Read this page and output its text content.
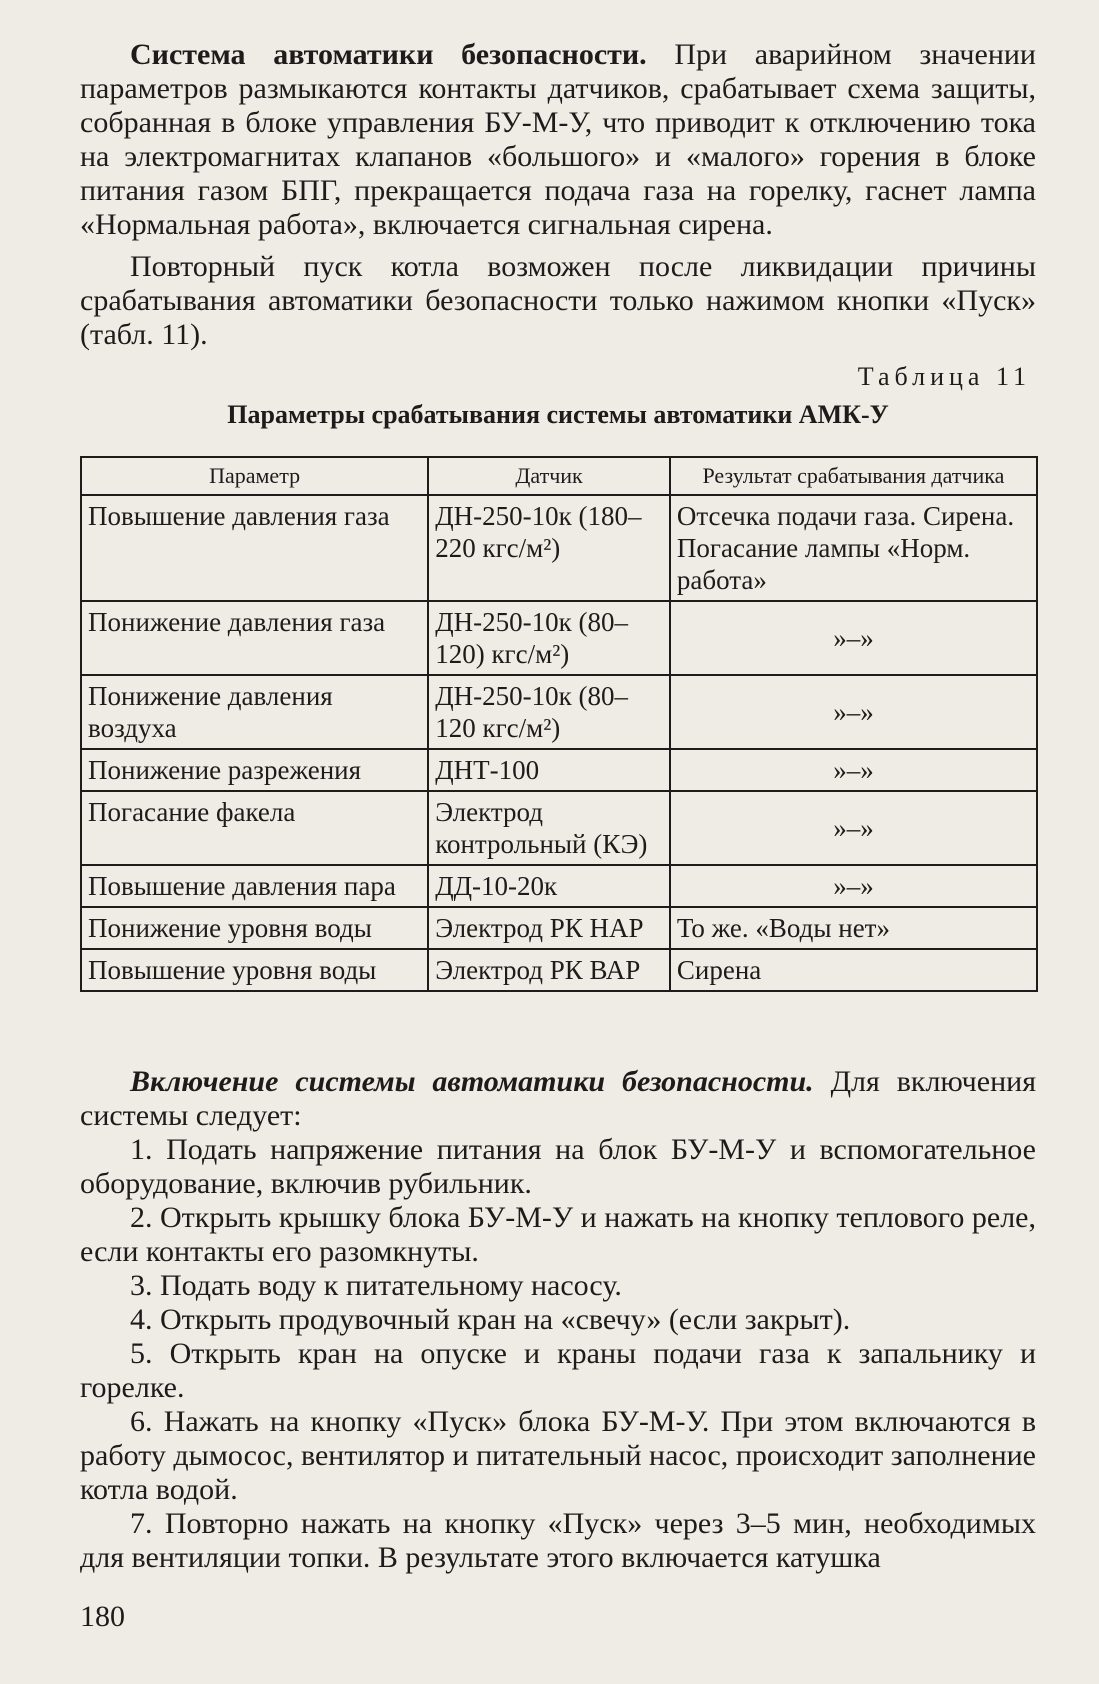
Система автоматики безопасности. При аварийном значении параметров размыкаются контакты датчиков, срабатывает схема защиты, собранная в блоке управления БУ-М-У, что приводит к отключению тока на электромагнитах клапанов «большого» и «малого» горения в блоке питания газом БПГ, прекращается подача газа на горелку, гаснет лампа «Нормальная работа», включается сигнальная сирена.

Повторный пуск котла возможен после ликвидации причины срабатывания автоматики безопасности только нажимом кнопки «Пуск» (табл. 11).

Таблица 11
Параметры срабатывания системы автоматики АМК-У
Параметр	Датчик	Результат срабатывания датчика
Повышение давления газа	ДН-250-10к (180–220 кгс/м²)	Отсечка подачи газа. Сирена. Погасание лампы «Норм. работа»
Понижение давления газа	ДН-250-10к (80–120) кгс/м²)	»–»
Понижение давления воздуха	ДН-250-10к (80–120 кгс/м²)	»–»
Понижение разрежения	ДНТ-100	»–»
Погасание факела	Электрод контрольный (КЭ)	»–»
Повышение давления пара	ДД-10-20к	»–»
Понижение уровня воды	Электрод РК НАР	То же. «Воды нет»
Повышение уровня воды	Электрод РК ВАР	Сирена

Включение системы автоматики безопасности. Для включения системы следует:

1. Подать напряжение питания на блок БУ-М-У и вспомогательное оборудование, включив рубильник.

2. Открыть крышку блока БУ-М-У и нажать на кнопку теплового реле, если контакты его разомкнуты.

3. Подать воду к питательному насосу.

4. Открыть продувочный кран на «свечу» (если закрыт).

5. Открыть кран на опуске и краны подачи газа к запальнику и горелке.

6. Нажать на кнопку «Пуск» блока БУ-М-У. При этом включаются в работу дымосос, вентилятор и питательный насос, происходит заполнение котла водой.

7. Повторно нажать на кнопку «Пуск» через 3–5 мин, необходимых для вентиляции топки. В результате этого включается катушка

180
